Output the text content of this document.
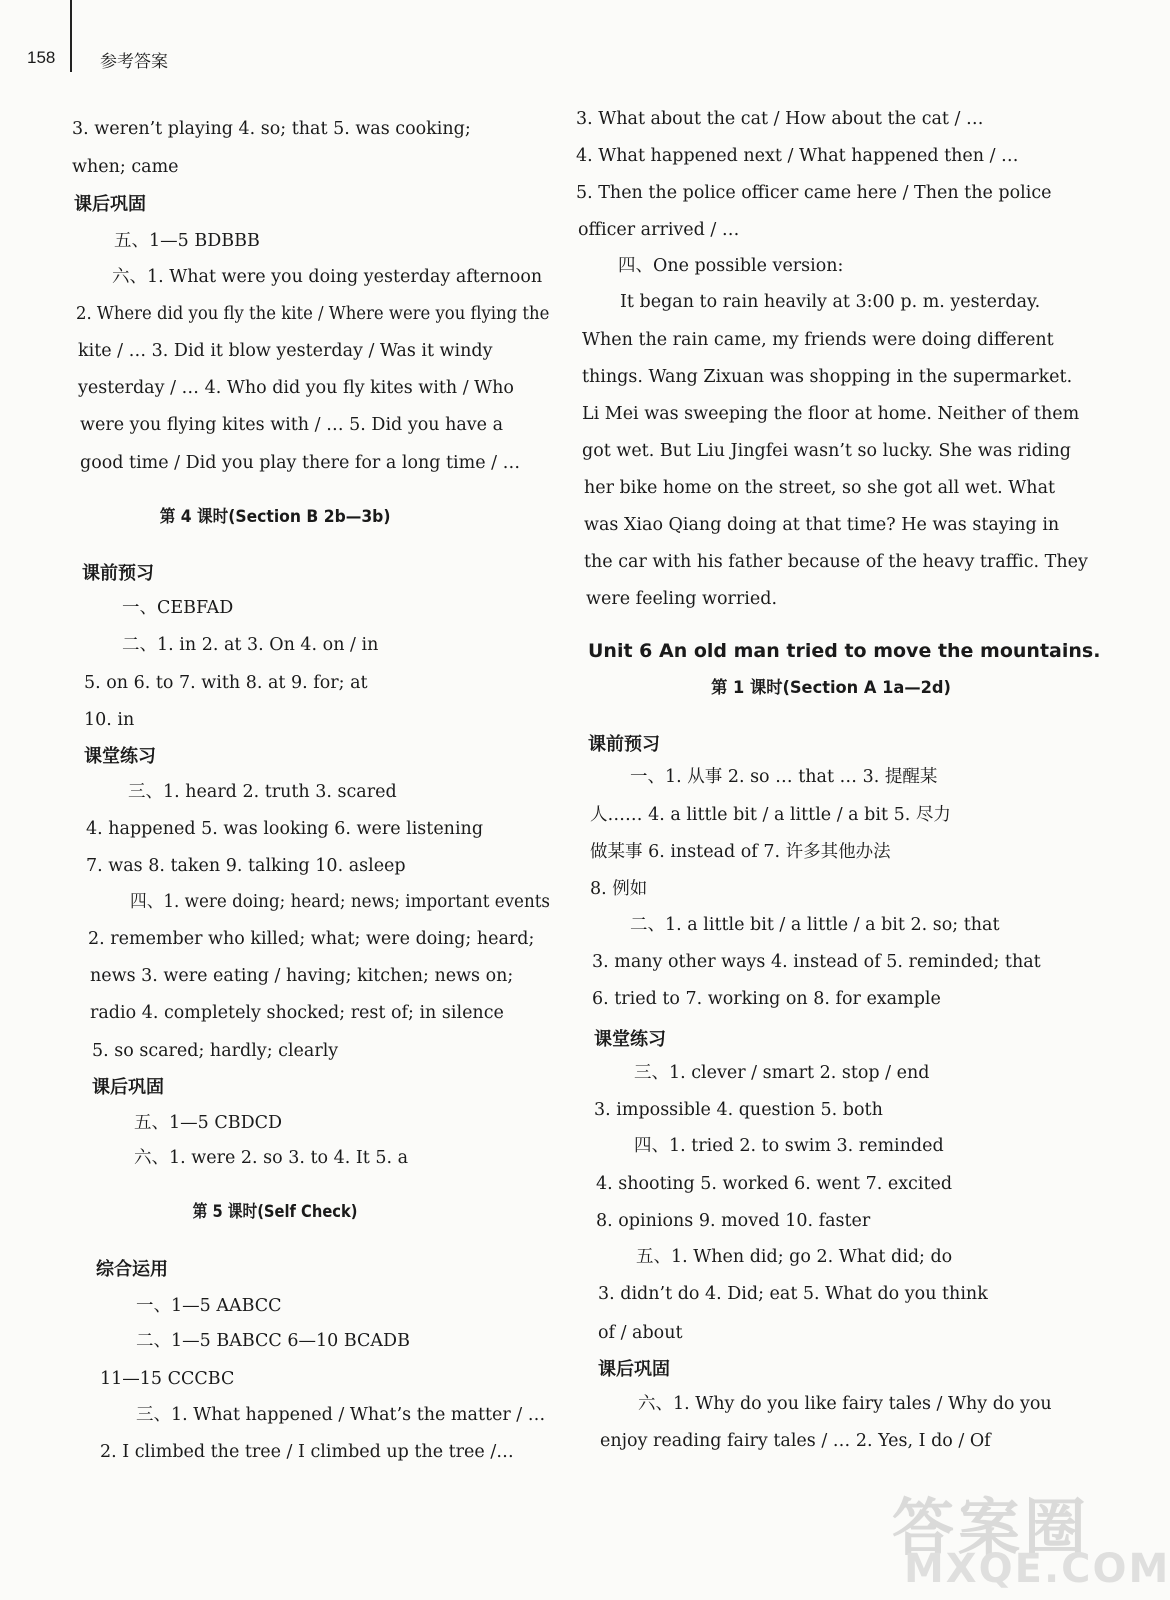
158	参考答案
3. weren’t playing 4. so; that 5. was cooking;
when; came
课后巩固
五、1—5 BDBBB
六、1. What were you doing yesterday afternoon
2. Where did you fly the kite / Where were you flying the
kite / … 3. Did it blow yesterday / Was it windy
yesterday / … 4. Who did you fly kites with / Who
were you flying kites with / … 5. Did you have a
good time / Did you play there for a long time / …
第 4 课时(Section B 2b—3b)
课前预习
一、CEBFAD
二、1. in 2. at 3. On 4. on / in
5. on 6. to 7. with 8. at 9. for; at
10. in
课堂练习
三、1. heard 2. truth 3. scared
4. happened 5. was looking 6. were listening
7. was 8. taken 9. talking 10. asleep
四、1. were doing; heard; news; important events
2. remember who killed; what; were doing; heard;
news 3. were eating / having; kitchen; news on;
radio 4. completely shocked; rest of; in silence
5. so scared; hardly; clearly
课后巩固
五、1—5 CBDCD
六、1. were 2. so 3. to 4. It 5. a
第 5 课时(Self Check)
综合运用
一、1—5 AABCC
二、1—5 BABCC 6—10 BCADB
11—15 CCCBC
三、1. What happened / What’s the matter / …
2. I climbed the tree / I climbed up the tree /…
3. What about the cat / How about the cat / …
4. What happened next / What happened then / …
5. Then the police officer came here / Then the police
officer arrived / …
四、One possible version:
It began to rain heavily at 3:00 p. m. yesterday.
When the rain came, my friends were doing different
things. Wang Zixuan was shopping in the supermarket.
Li Mei was sweeping the floor at home. Neither of them
got wet. But Liu Jingfei wasn’t so lucky. She was riding
her bike home on the street, so she got all wet. What
was Xiao Qiang doing at that time? He was staying in
the car with his father because of the heavy traffic. They
were feeling worried.
Unit 6 An old man tried to move the mountains.
第 1 课时(Section A 1a—2d)
课前预习
一、1. 从事 2. so … that … 3. 提醒某
人…… 4. a little bit / a little / a bit 5. 尽力
做某事 6. instead of 7. 许多其他办法
8. 例如
二、1. a little bit / a little / a bit 2. so; that
3. many other ways 4. instead of 5. reminded; that
6. tried to 7. working on 8. for example
课堂练习
三、1. clever / smart 2. stop / end
3. impossible 4. question 5. both
四、1. tried 2. to swim 3. reminded
4. shooting 5. worked 6. went 7. excited
8. opinions 9. moved 10. faster
五、1. When did; go 2. What did; do
3. didn’t do 4. Did; eat 5. What do you think
of / about
课后巩固
六、1. Why do you like fairy tales / Why do you
enjoy reading fairy tales / … 2. Yes, I do / Of
答案圈
MXQE.COM
